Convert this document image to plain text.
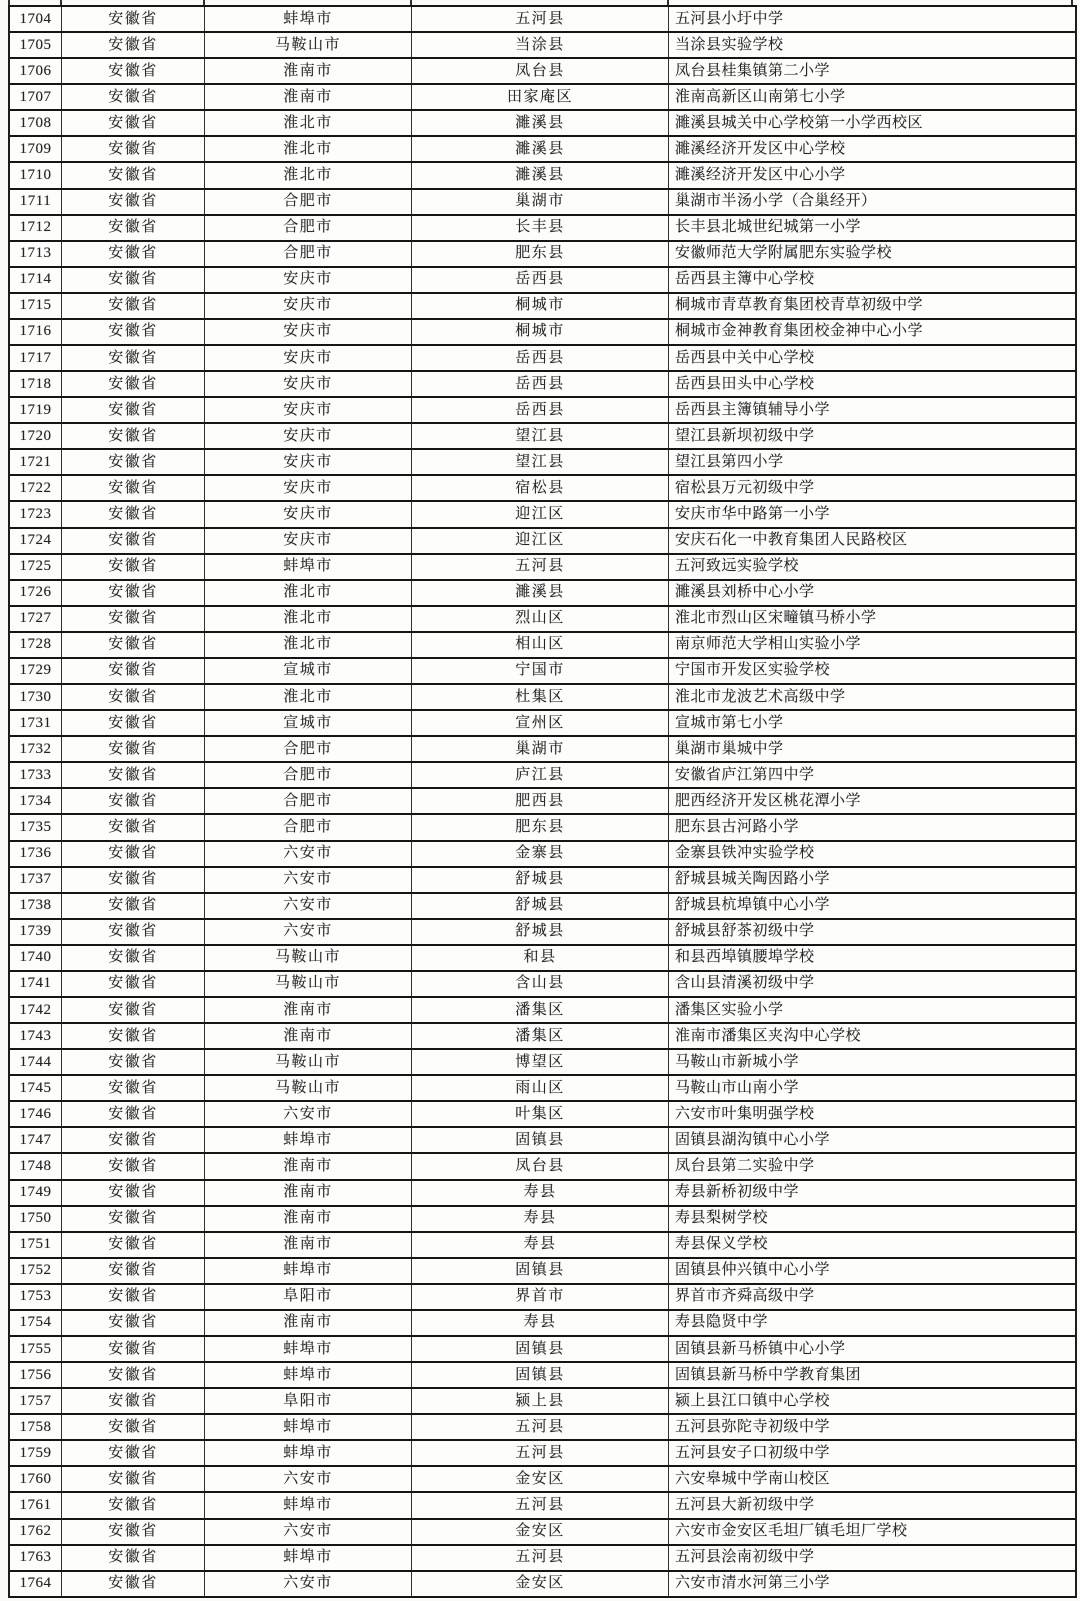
1704	安徽省	蚌埠市	五河县	五河县小圩中学
1705	安徽省	马鞍山市	当涂县	当涂县实验学校
1706	安徽省	淮南市	凤台县	凤台县桂集镇第二小学
1707	安徽省	淮南市	田家庵区	淮南高新区山南第七小学
1708	安徽省	淮北市	濉溪县	濉溪县城关中心学校第一小学西校区
1709	安徽省	淮北市	濉溪县	濉溪经济开发区中心学校
1710	安徽省	淮北市	濉溪县	濉溪经济开发区中心小学
1711	安徽省	合肥市	巢湖市	巢湖市半汤小学（合巢经开）
1712	安徽省	合肥市	长丰县	长丰县北城世纪城第一小学
1713	安徽省	合肥市	肥东县	安徽师范大学附属肥东实验学校
1714	安徽省	安庆市	岳西县	岳西县主簿中心学校
1715	安徽省	安庆市	桐城市	桐城市青草教育集团校青草初级中学
1716	安徽省	安庆市	桐城市	桐城市金神教育集团校金神中心小学
1717	安徽省	安庆市	岳西县	岳西县中关中心学校
1718	安徽省	安庆市	岳西县	岳西县田头中心学校
1719	安徽省	安庆市	岳西县	岳西县主簿镇辅导小学
1720	安徽省	安庆市	望江县	望江县新坝初级中学
1721	安徽省	安庆市	望江县	望江县第四小学
1722	安徽省	安庆市	宿松县	宿松县万元初级中学
1723	安徽省	安庆市	迎江区	安庆市华中路第一小学
1724	安徽省	安庆市	迎江区	安庆石化一中教育集团人民路校区
1725	安徽省	蚌埠市	五河县	五河致远实验学校
1726	安徽省	淮北市	濉溪县	濉溪县刘桥中心小学
1727	安徽省	淮北市	烈山区	淮北市烈山区宋疃镇马桥小学
1728	安徽省	淮北市	相山区	南京师范大学相山实验小学
1729	安徽省	宣城市	宁国市	宁国市开发区实验学校
1730	安徽省	淮北市	杜集区	淮北市龙波艺术高级中学
1731	安徽省	宣城市	宣州区	宣城市第七小学
1732	安徽省	合肥市	巢湖市	巢湖市巢城中学
1733	安徽省	合肥市	庐江县	安徽省庐江第四中学
1734	安徽省	合肥市	肥西县	肥西经济开发区桃花潭小学
1735	安徽省	合肥市	肥东县	肥东县古河路小学
1736	安徽省	六安市	金寨县	金寨县铁冲实验学校
1737	安徽省	六安市	舒城县	舒城县城关陶因路小学
1738	安徽省	六安市	舒城县	舒城县杭埠镇中心小学
1739	安徽省	六安市	舒城县	舒城县舒茶初级中学
1740	安徽省	马鞍山市	和县	和县西埠镇腰埠学校
1741	安徽省	马鞍山市	含山县	含山县清溪初级中学
1742	安徽省	淮南市	潘集区	潘集区实验小学
1743	安徽省	淮南市	潘集区	淮南市潘集区夹沟中心学校
1744	安徽省	马鞍山市	博望区	马鞍山市新城小学
1745	安徽省	马鞍山市	雨山区	马鞍山市山南小学
1746	安徽省	六安市	叶集区	六安市叶集明强学校
1747	安徽省	蚌埠市	固镇县	固镇县湖沟镇中心小学
1748	安徽省	淮南市	凤台县	凤台县第二实验中学
1749	安徽省	淮南市	寿县	寿县新桥初级中学
1750	安徽省	淮南市	寿县	寿县梨树学校
1751	安徽省	淮南市	寿县	寿县保义学校
1752	安徽省	蚌埠市	固镇县	固镇县仲兴镇中心小学
1753	安徽省	阜阳市	界首市	界首市齐舜高级中学
1754	安徽省	淮南市	寿县	寿县隐贤中学
1755	安徽省	蚌埠市	固镇县	固镇县新马桥镇中心小学
1756	安徽省	蚌埠市	固镇县	固镇县新马桥中学教育集团
1757	安徽省	阜阳市	颍上县	颍上县江口镇中心学校
1758	安徽省	蚌埠市	五河县	五河县弥陀寺初级中学
1759	安徽省	蚌埠市	五河县	五河县安子口初级中学
1760	安徽省	六安市	金安区	六安皋城中学南山校区
1761	安徽省	蚌埠市	五河县	五河县大新初级中学
1762	安徽省	六安市	金安区	六安市金安区毛坦厂镇毛坦厂学校
1763	安徽省	蚌埠市	五河县	五河县浍南初级中学
1764	安徽省	六安市	金安区	六安市清水河第三小学
